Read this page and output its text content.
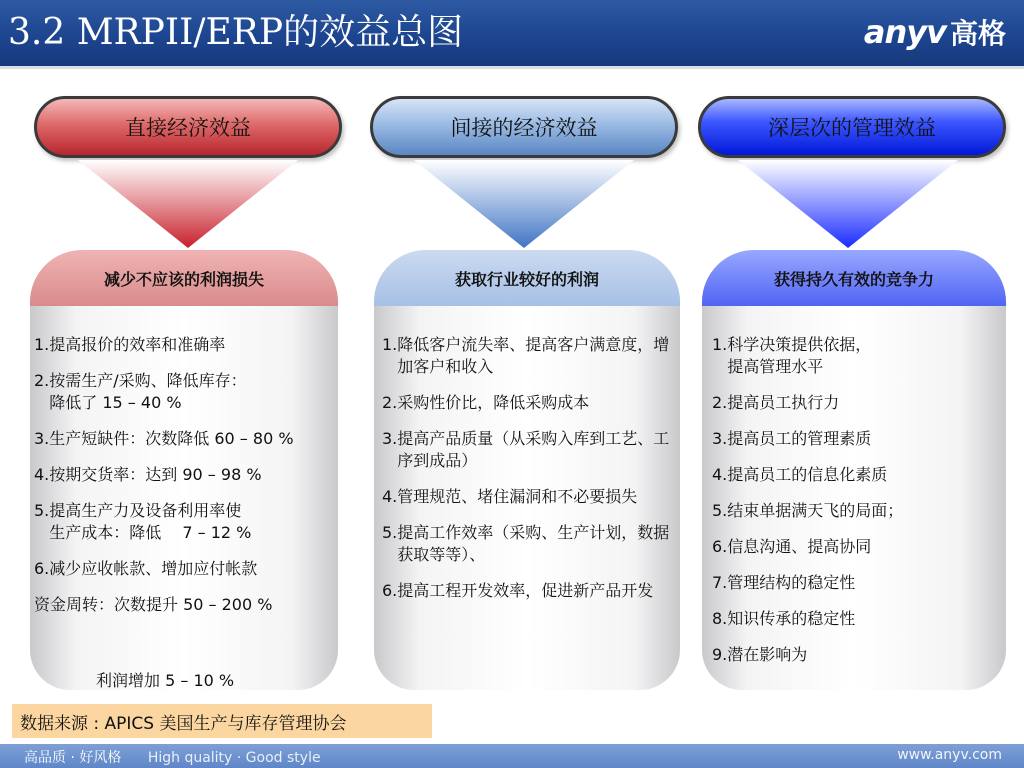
3.2 MRPII/ERP的效益总图	anyv 高格
直接经济效益
减少不应该的利润损失
1. 提高报价的效率和准确率
2. 按需生产/采购、降低库存：
降低了 15 – 40 %
3. 生产短缺件：次数降低 60 – 80 %
4. 按期交货率：达到 90 – 98 %
5. 提高生产力及设备利用率使
生产成本：降低　 7 – 12 %
6. 减少应收帐款、增加应付帐款
资金周转：次数提升 50 – 200 %
利润增加 5 – 10 %
间接的经济效益
获取行业较好的利润
1. 降低客户流失率、提高客户满意度，增加客户和收入
2. 采购性价比，降低采购成本
3. 提高产品质量（从采购入库到工艺、工序到成品）
4. 管理规范、堵住漏洞和不必要损失
5. 提高工作效率（采购、生产计划，数据获取等等）、
6. 提高工程开发效率，促进新产品开发
深层次的管理效益
获得持久有效的竞争力
1. 科学决策提供依据，
提高管理水平
2. 提高员工执行力
3. 提高员工的管理素质
4. 提高员工的信息化素质
5. 结束单据满天飞的局面；
6. 信息沟通、提高协同
7. 管理结构的稳定性
8. 知识传承的稳定性
9. 潜在影响为
数据来源 : APICS 美国生产与库存管理协会
高品质 · 好风格 High quality · Good style	www.anyv.com
